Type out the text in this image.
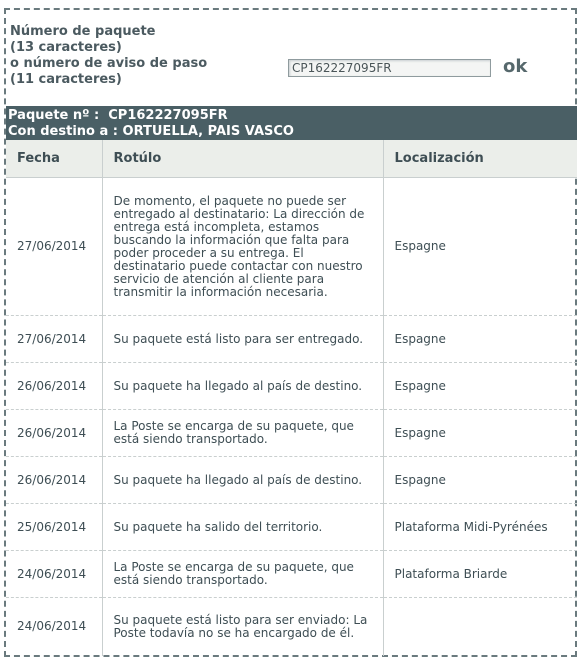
Número de paquete
(13 caracteres)
o número de aviso de paso
(11 caracteres)
CP162227095FR
ok
Paquete nº : CP162227095FR
Con destino a : ORTUELLA, PAIS VASCO
Fecha	Rotúlo	Localización
27/06/2014	De momento, el paquete no puede ser entregado al destinatario: La dirección de entrega está incompleta, estamos buscando la información que falta para poder proceder a su entrega. El destinatario puede contactar con nuestro servicio de atención al cliente para transmitir la información necesaria.	Espagne
27/06/2014	Su paquete está listo para ser entregado.	Espagne
26/06/2014	Su paquete ha llegado al país de destino.	Espagne
26/06/2014	La Poste se encarga de su paquete, que está siendo transportado.	Espagne
26/06/2014	Su paquete ha llegado al país de destino.	Espagne
25/06/2014	Su paquete ha salido del territorio.	Plataforma Midi-Pyrénées
24/06/2014	La Poste se encarga de su paquete, que está siendo transportado.	Plataforma Briarde
24/06/2014	Su paquete está listo para ser enviado: La Poste todavía no se ha encargado de él.	
